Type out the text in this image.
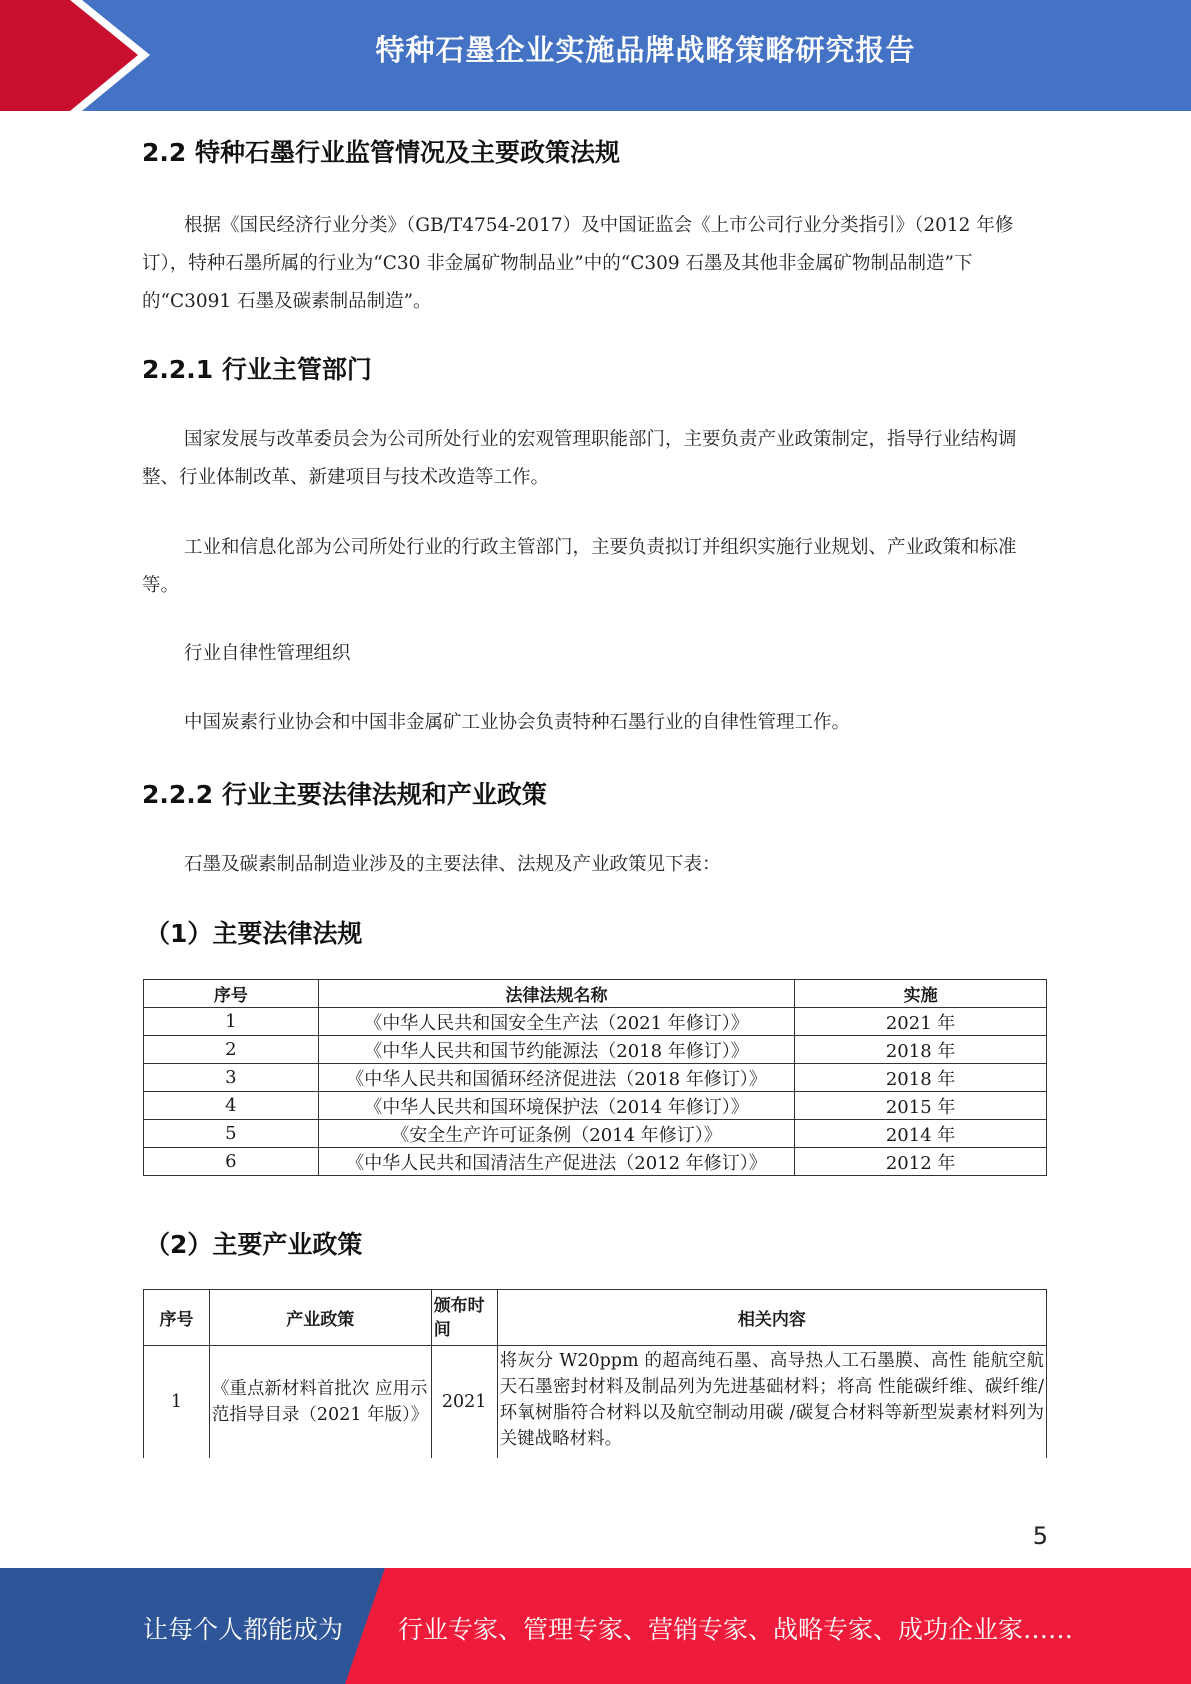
特种石墨企业实施品牌战略策略研究报告
2.2 特种石墨行业监管情况及主要政策法规
根据《国民经济行业分类》（GB/T4754-2017）及中国证监会《上市公司行业分类指引》（2012 年修订），特种石墨所属的行业为“C30 非金属矿物制品业”中的“C309 石墨及其他非金属矿物制品制造”下的“C3091 石墨及碳素制品制造”。
2.2.1 行业主管部门
国家发展与改革委员会为公司所处行业的宏观管理职能部门，主要负责产业政策制定，指导行业结构调整、行业体制改革、新建项目与技术改造等工作。
工业和信息化部为公司所处行业的行政主管部门，主要负责拟订并组织实施行业规划、产业政策和标准等。
行业自律性管理组织
中国炭素行业协会和中国非金属矿工业协会负责特种石墨行业的自律性管理工作。
2.2.2 行业主要法律法规和产业政策
石墨及碳素制品制造业涉及的主要法律、法规及产业政策见下表：
（1）主要法律法规
序号	法律法规名称	实施
1	《中华人民共和国安全生产法（2021 年修订）》	2021 年
2	《中华人民共和国节约能源法（2018 年修订）》	2018 年
3	《中华人民共和国循环经济促进法（2018 年修订）》	2018 年
4	《中华人民共和国环境保护法（2014 年修订）》	2015 年
5	《安全生产许可证条例（2014 年修订）》	2014 年
6	《中华人民共和国清洁生产促进法（2012 年修订）》	2012 年
（2）主要产业政策
序号	产业政策	颁布时间	相关内容
1	《重点新材料首批次 应用示范指导目录（2021 年版）》	2021	将灰分 W20ppm 的超高纯石墨、高导热人工石墨膜、高性 能航空航天石墨密封材料及制品列为先进基础材料；将高 性能碳纤维、碳纤维/环氧树脂符合材料以及航空制动用碳 /碳复合材料等新型炭素材料列为关键战略材料。
5
让每个人都能成为 行业专家、管理专家、营销专家、战略专家、成功企业家……
